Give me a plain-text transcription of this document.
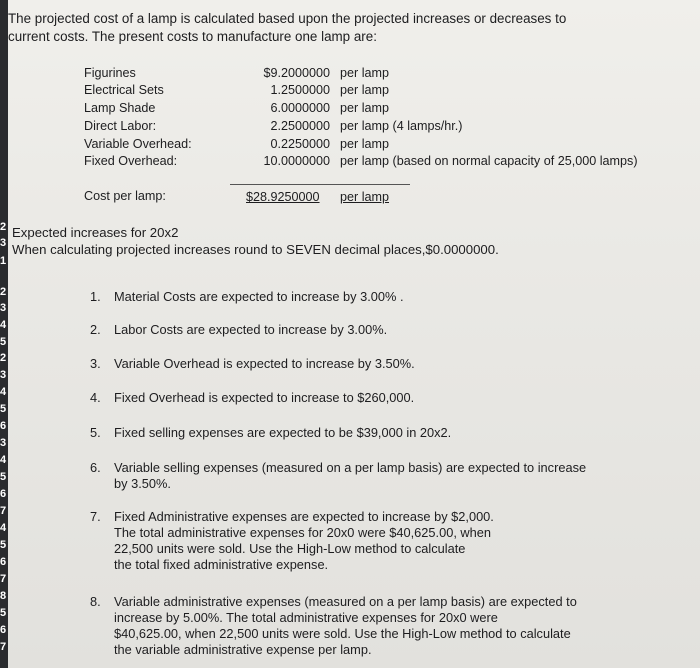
2
3
1
2
3
4
5
2
3
4
5
6
3
4
5
6
7
4
5
6
7
8
5
6
7
The projected cost of a lamp is calculated based upon the projected increases or decreases to
current costs. The present costs to manufacture one lamp are:
Figurines	$9.2000000 per lamp
Electrical Sets	1.2500000 per lamp
Lamp Shade	6.0000000 per lamp
Direct Labor:	2.2500000 per lamp (4 lamps/hr.)
Variable Overhead:	0.2250000 per lamp
Fixed Overhead:	10.0000000 per lamp (based on normal capacity of 25,000 lamps)
Cost per lamp:	$28.9250000 per lamp
Expected increases for 20x2
When calculating projected increases round to SEVEN decimal places,$0.0000000.
1. Material Costs are expected to increase by 3.00% .
2. Labor Costs are expected to increase by 3.00%.
3. Variable Overhead is expected to increase by 3.50%.
4. Fixed Overhead is expected to increase to $260,000.
5. Fixed selling expenses are expected to be $39,000 in 20x2.
6. Variable selling expenses (measured on a per lamp basis) are expected to increase
by 3.50%.
7. Fixed Administrative expenses are expected to increase by $2,000.
The total administrative expenses for 20x0 were $40,625.00, when
22,500 units were sold. Use the High-Low method to calculate
the total fixed administrative expense.
8. Variable administrative expenses (measured on a per lamp basis) are expected to
increase by 5.00%. The total administrative expenses for 20x0 were
$40,625.00, when 22,500 units were sold. Use the High-Low method to calculate
the variable administrative expense per lamp.
